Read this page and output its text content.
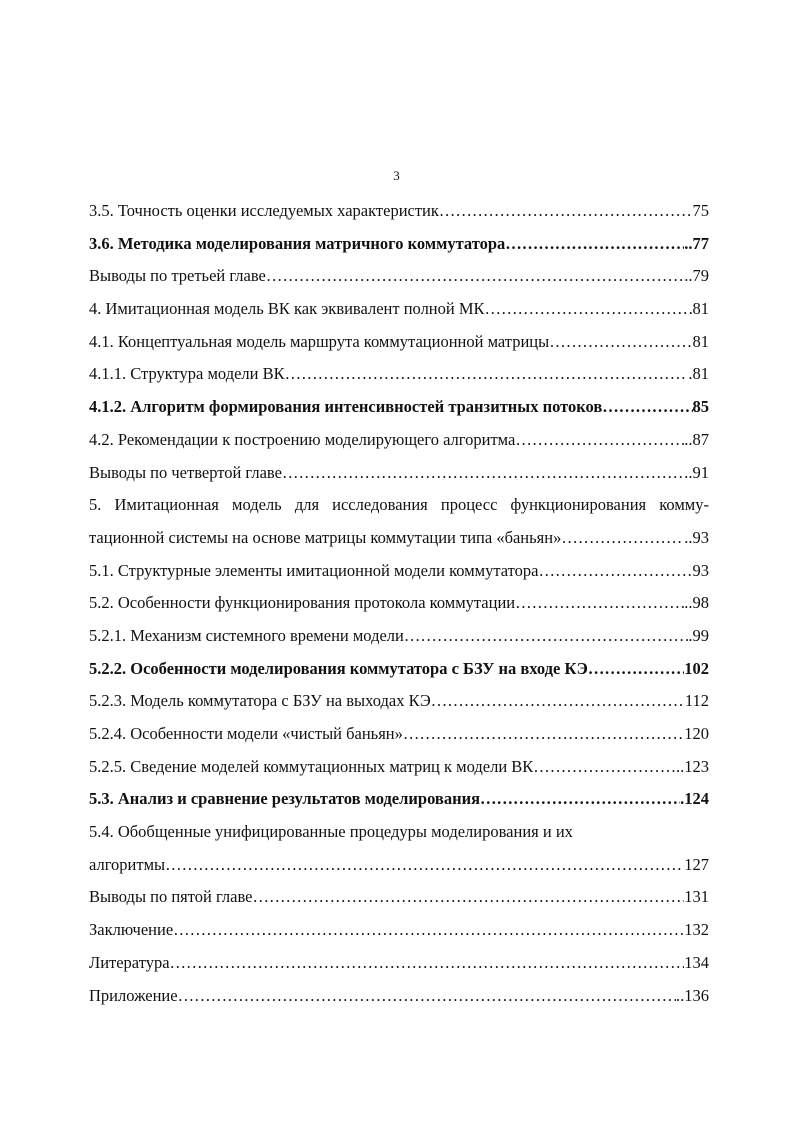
3
3.5. Точность оценки исследуемых характеристик ……………………………………………………………………………………………………………………………………………………………………………………………	75
3.6. Методика моделирования матричного коммутатора ……………………………………………………………………………………………………………………………………………………………………………………………	..77
Выводы по третьей главе ……………………………………………………………………………………………………………………………………………………………………………………………	..79
4. Имитационная модель ВК как эквивалент полной МК ……………………………………………………………………………………………………………………………………………………………………………………………	81
4.1. Концептуальная модель маршрута коммутационной матрицы ……………………………………………………………………………………………………………………………………………………………………………………………	81
4.1.1. Структура модели ВК ……………………………………………………………………………………………………………………………………………………………………………………………	.81
4.1.2. Алгоритм формирования интенсивностей транзитных потоков ……………………………………………………………………………………………………………………………………………………………………………………………	85
4.2. Рекомендации к построению моделирующего алгоритма ……………………………………………………………………………………………………………………………………………………………………………………………	..87
Выводы по четвертой главе ……………………………………………………………………………………………………………………………………………………………………………………………	.91
5. Имитационная модель для исследования процесс функционирования комму-
тационной системы на основе матрицы коммутации типа «баньян» ……………………………………………………………………………………………………………………………………………………………………………………………	..93
5.1. Структурные элементы имитационной модели коммутатора ……………………………………………………………………………………………………………………………………………………………………………………………	93
5.2. Особенности функционирования протокола коммутации ……………………………………………………………………………………………………………………………………………………………………………………………	..98
5.2.1. Механизм системного времени модели ……………………………………………………………………………………………………………………………………………………………………………………………	.99
5.2.2. Особенности моделирования коммутатора с БЗУ на входе КЭ ……………………………………………………………………………………………………………………………………………………………………………………………	102
5.2.3. Модель коммутатора с БЗУ на выходах КЭ ……………………………………………………………………………………………………………………………………………………………………………………………	112
5.2.4. Особенности модели «чистый баньян» ……………………………………………………………………………………………………………………………………………………………………………………………	120
5.2.5. Сведение моделей коммутационных матриц к модели ВК ……………………………………………………………………………………………………………………………………………………………………………………………	..123
5.3. Анализ и сравнение результатов моделирования ……………………………………………………………………………………………………………………………………………………………………………………………	.124
5.4. Обобщенные унифицированные процедуры моделирования и их
алгоритмы ……………………………………………………………………………………………………………………………………………………………………………………………	127
Выводы по пятой главе ……………………………………………………………………………………………………………………………………………………………………………………………	131
Заключение ……………………………………………………………………………………………………………………………………………………………………………………………	132
Литература ……………………………………………………………………………………………………………………………………………………………………………………………	134
Приложение ……………………………………………………………………………………………………………………………………………………………………………………………	..136
